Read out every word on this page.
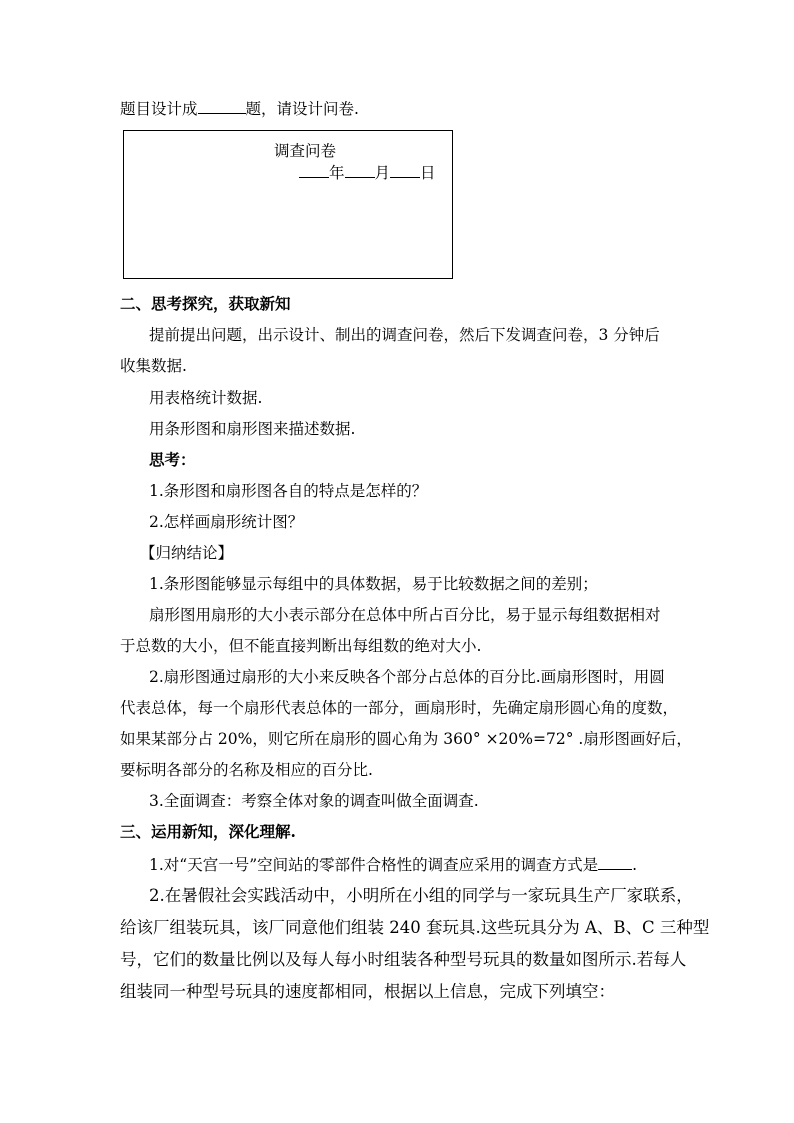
题目设计成	题，请设计问卷.
调查问卷
年 月 日
二、思考探究，获取新知
提前提出问题，出示设计、制出的调查问卷，然后下发调查问卷，3 分钟后
收集数据.
用表格统计数据.
用条形图和扇形图来描述数据.
思考：
1.条形图和扇形图各自的特点是怎样的？
2.怎样画扇形统计图？
【归纳结论】
1.条形图能够显示每组中的具体数据，易于比较数据之间的差别；
扇形图用扇形的大小表示部分在总体中所占百分比，易于显示每组数据相对
于总数的大小，但不能直接判断出每组数的绝对大小.
2.扇形图通过扇形的大小来反映各个部分占总体的百分比.画扇形图时，用圆
代表总体，每一个扇形代表总体的一部分，画扇形时，先确定扇形圆心角的度数，
如果某部分占 20%，则它所在扇形的圆心角为 360° ×20%=72° .扇形图画好后，
要标明各部分的名称及相应的百分比.
3.全面调查：考察全体对象的调查叫做全面调查.
三、运用新知，深化理解.
1.对“天宫一号”空间站的零部件合格性的调查应采用的调查方式是 .
2.在暑假社会实践活动中，小明所在小组的同学与一家玩具生产厂家联系，
给该厂组装玩具，该厂同意他们组装 240 套玩具.这些玩具分为 A、B、C 三种型
号，它们的数量比例以及每人每小时组装各种型号玩具的数量如图所示.若每人
组装同一种型号玩具的速度都相同，根据以上信息，完成下列填空：
